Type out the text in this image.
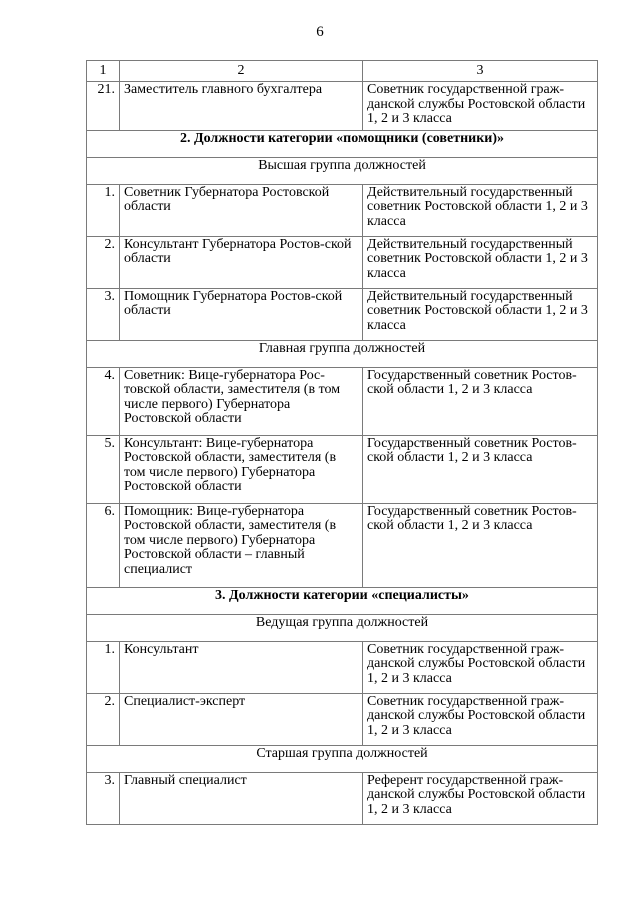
6
1	2	3
21.	Заместитель главного бухгалтера	Советник государственной граж-данской службы Ростовской области 1, 2 и 3 класса
2. Должности категории «помощники (советники)»		
Высшая группа должностей		
1.	Советник Губернатора Ростовской области	Действительный государственный советник Ростовской области 1, 2 и 3 класса
2.	Консультант Губернатора Ростов-ской области	Действительный государственный советник Ростовской области 1, 2 и 3 класса
3.	Помощник Губернатора Ростов-ской области	Действительный государственный советник Ростовской области 1, 2 и 3 класса
Главная группа должностей		
4.	Советник: Вице-губернатора Рос-товской области, заместителя (в том числе первого) Губернатора Ростовской области	Государственный советник Ростов-ской области 1, 2 и 3 класса
5.	Консультант: Вице-губернатора Ростовской области, заместителя (в том числе первого) Губернатора Ростовской области	Государственный советник Ростов-ской области 1, 2 и 3 класса
6.	Помощник: Вице-губернатора Ростовской области, заместителя (в том числе первого) Губернатора Ростовской области – главный специалист	Государственный советник Ростов-ской области 1, 2 и 3 класса
3. Должности категории «специалисты»		
Ведущая группа должностей		
1.	Консультант	Советник государственной граж-данской службы Ростовской области 1, 2 и 3 класса
2.	Специалист-эксперт	Советник государственной граж-данской службы Ростовской области 1, 2 и 3 класса
Старшая группа должностей		
3.	Главный специалист	Референт государственной граж-данской службы Ростовской области 1, 2 и 3 класса
